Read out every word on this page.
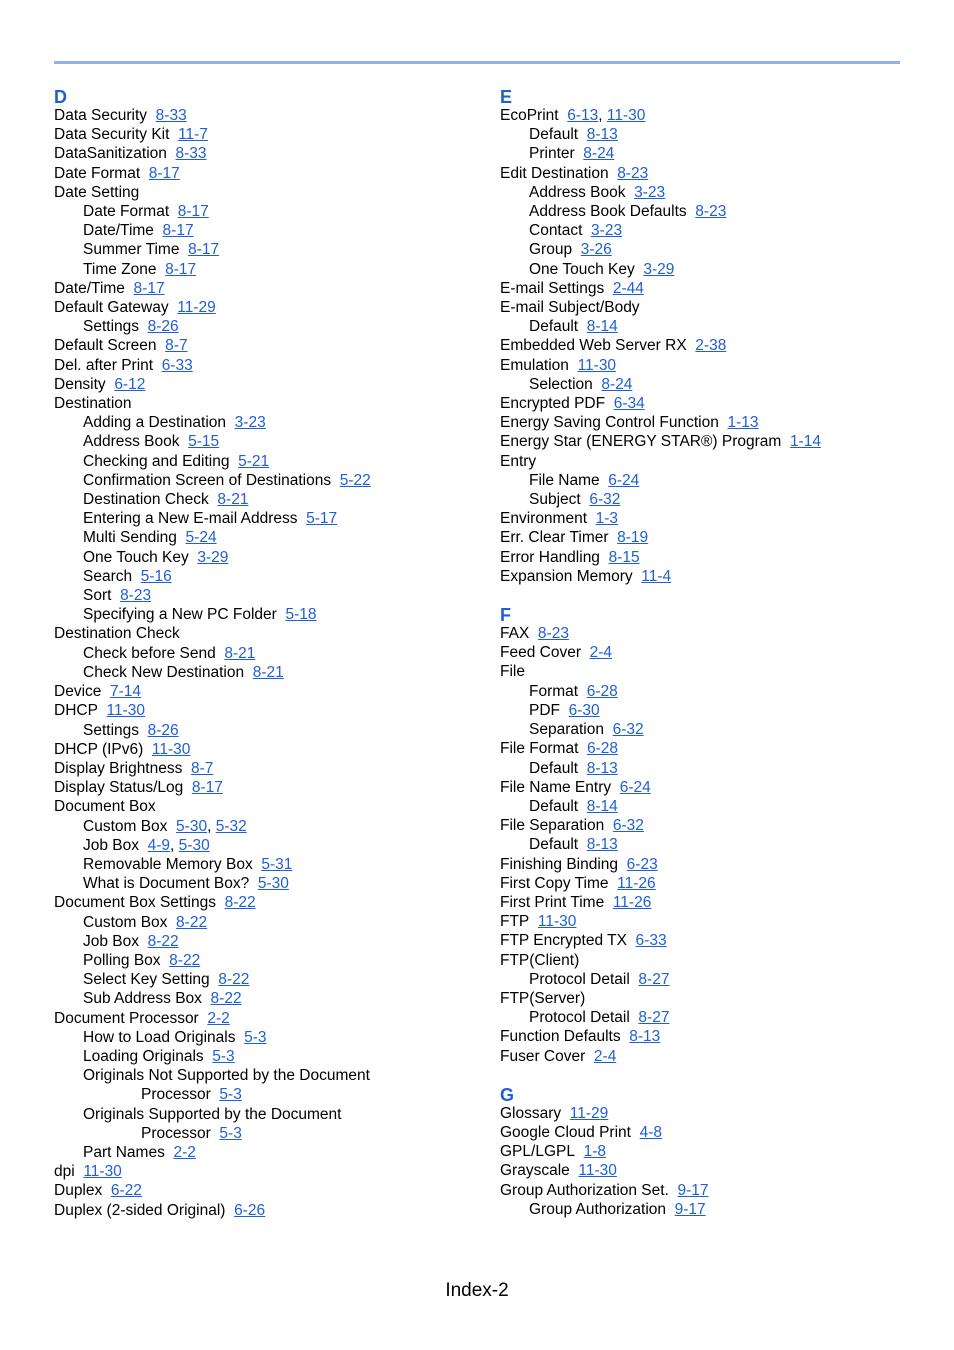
D
Data Security 8-33
Data Security Kit 11-7
DataSanitization 8-33
Date Format 8-17
Date Setting
Date Format 8-17
Date/Time 8-17
Summer Time 8-17
Time Zone 8-17
Date/Time 8-17
Default Gateway 11-29
Settings 8-26
Default Screen 8-7
Del. after Print 6-33
Density 6-12
Destination
Adding a Destination 3-23
Address Book 5-15
Checking and Editing 5-21
Confirmation Screen of Destinations 5-22
Destination Check 8-21
Entering a New E-mail Address 5-17
Multi Sending 5-24
One Touch Key 3-29
Search 5-16
Sort 8-23
Specifying a New PC Folder 5-18
Destination Check
Check before Send 8-21
Check New Destination 8-21
Device 7-14
DHCP 11-30
Settings 8-26
DHCP (IPv6) 11-30
Display Brightness 8-7
Display Status/Log 8-17
Document Box
Custom Box 5-30, 5-32
Job Box 4-9, 5-30
Removable Memory Box 5-31
What is Document Box? 5-30
Document Box Settings 8-22
Custom Box 8-22
Job Box 8-22
Polling Box 8-22
Select Key Setting 8-22
Sub Address Box 8-22
Document Processor 2-2
How to Load Originals 5-3
Loading Originals 5-3
Originals Not Supported by the Document
Processor 5-3
Originals Supported by the Document
Processor 5-3
Part Names 2-2
dpi 11-30
Duplex 6-22
Duplex (2-sided Original) 6-26
E
EcoPrint 6-13, 11-30
Default 8-13
Printer 8-24
Edit Destination 8-23
Address Book 3-23
Address Book Defaults 8-23
Contact 3-23
Group 3-26
One Touch Key 3-29
E-mail Settings 2-44
E-mail Subject/Body
Default 8-14
Embedded Web Server RX 2-38
Emulation 11-30
Selection 8-24
Encrypted PDF 6-34
Energy Saving Control Function 1-13
Energy Star (ENERGY STAR®) Program 1-14
Entry
File Name 6-24
Subject 6-32
Environment 1-3
Err. Clear Timer 8-19
Error Handling 8-15
Expansion Memory 11-4
F
FAX 8-23
Feed Cover 2-4
File
Format 6-28
PDF 6-30
Separation 6-32
File Format 6-28
Default 8-13
File Name Entry 6-24
Default 8-14
File Separation 6-32
Default 8-13
Finishing Binding 6-23
First Copy Time 11-26
First Print Time 11-26
FTP 11-30
FTP Encrypted TX 6-33
FTP(Client)
Protocol Detail 8-27
FTP(Server)
Protocol Detail 8-27
Function Defaults 8-13
Fuser Cover 2-4
G
Glossary 11-29
Google Cloud Print 4-8
GPL/LGPL 1-8
Grayscale 11-30
Group Authorization Set. 9-17
Group Authorization 9-17
Index-2
